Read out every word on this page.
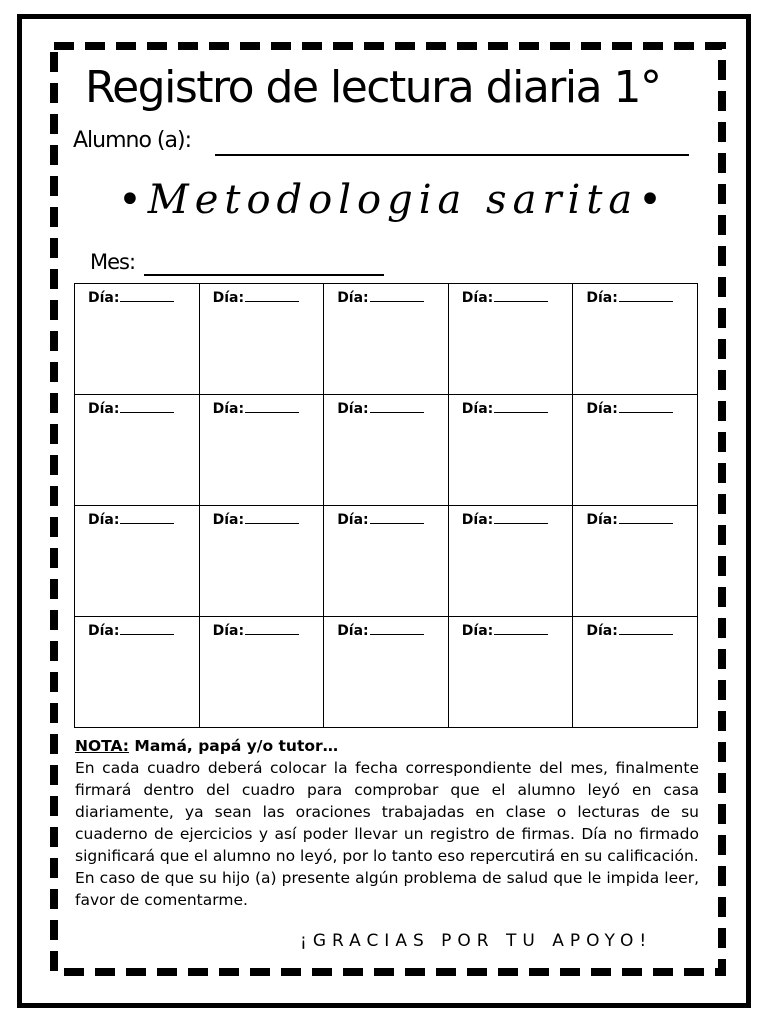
Registro de lectura diaria 1°
Alumno (a):
•Metodologia sarita•
Mes:
Día:	Día:	Día:	Día:	Día:
Día:	Día:	Día:	Día:	Día:
Día:	Día:	Día:	Día:	Día:
Día:	Día:	Día:	Día:	Día:
NOTA: Mamá, papá y/o tutor…

En cada cuadro deberá colocar la fecha correspondiente del mes, finalmente firmará dentro del cuadro para comprobar que el alumno leyó en casa diariamente, ya sean las oraciones trabajadas en clase o lecturas de su cuaderno de ejercicios y así poder llevar un registro de firmas. Día no firmado significará que el alumno no leyó, por lo tanto eso repercutirá en su calificación.

En caso de que su hijo (a) presente algún problema de salud que le impida leer, favor de comentarme.

¡GRACIAS POR TU APOYO!
